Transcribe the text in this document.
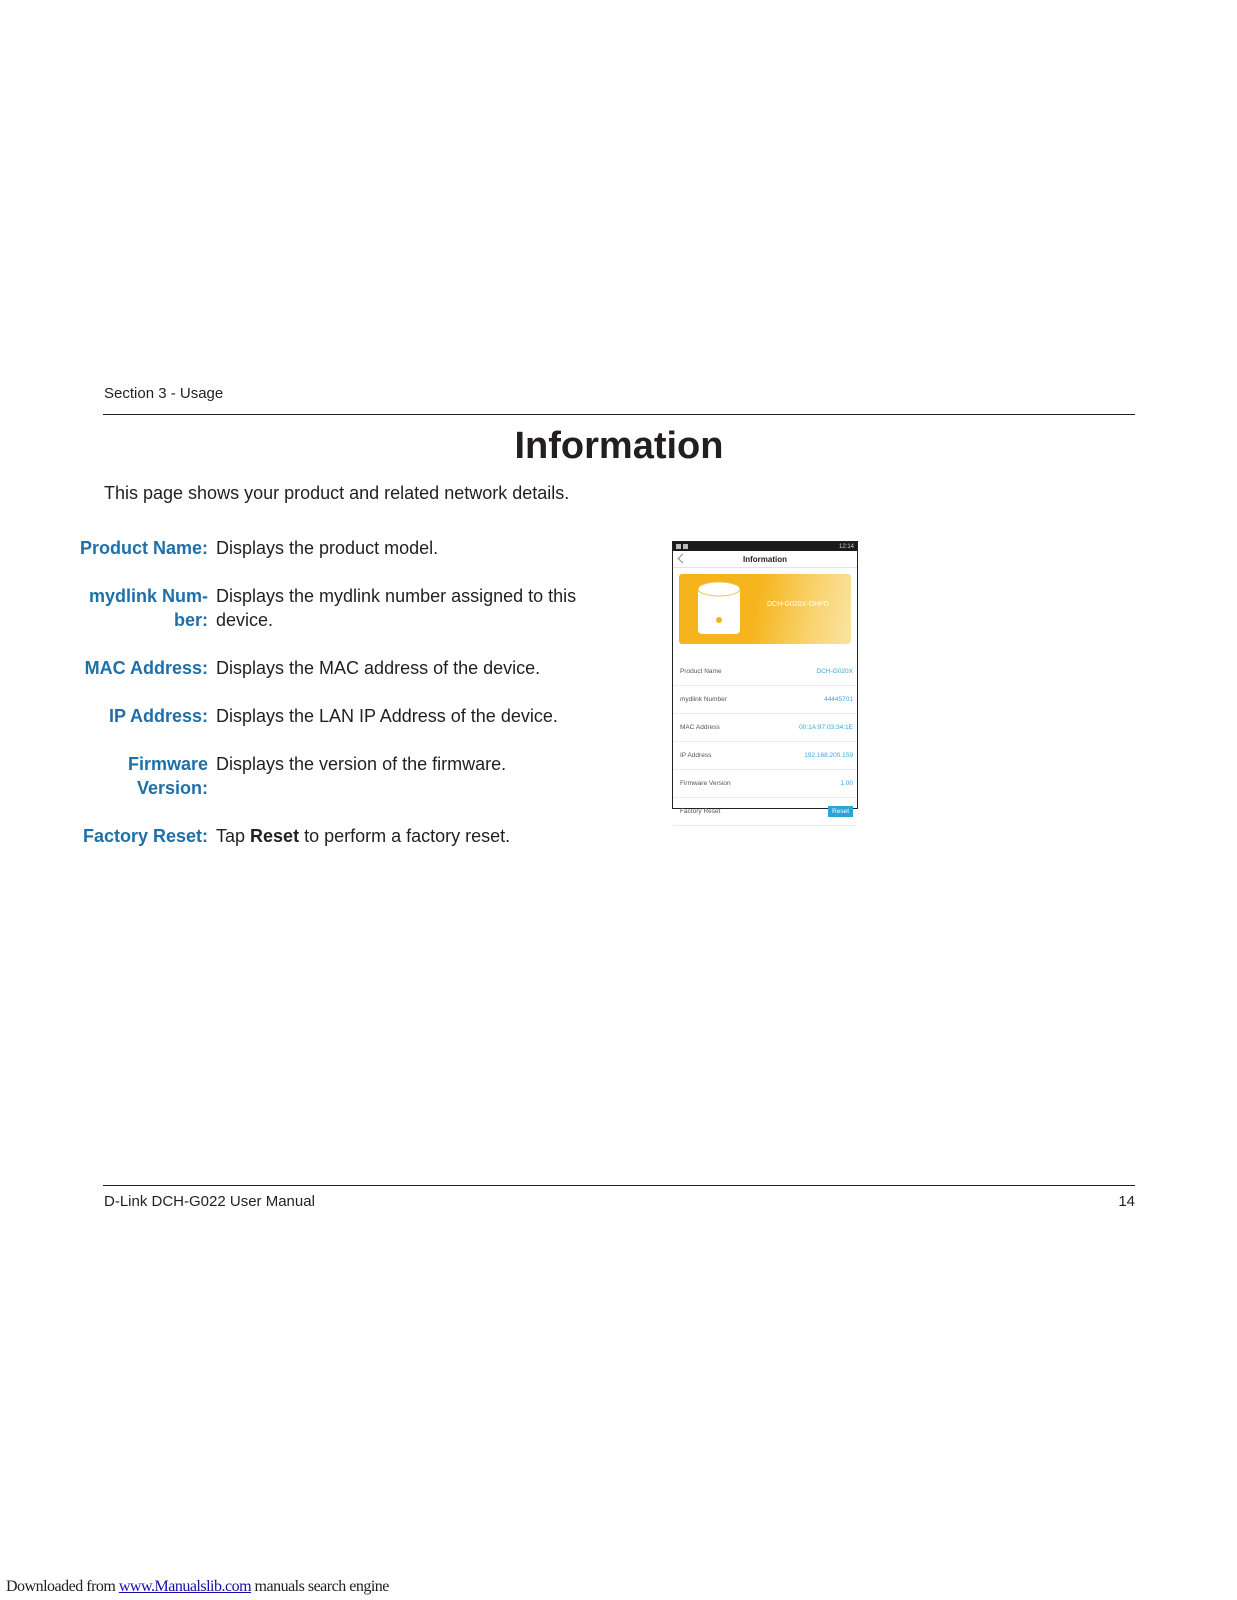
Section 3 - Usage
Information

This page shows your product and related network details.

Product Name: Displays the product model.
mydlink Num-
ber:
Displays the mydlink number assigned to this device.
MAC Address: Displays the MAC address of the device.
IP Address: Displays the LAN IP Address of the device.
Firmware
Version:
Displays the version of the firmware.
Factory Reset: Tap Reset to perform a factory reset.
12:14
Information
DCH-G020X-OHPD
Product Name	DCH-G020X
mydlink Number	44445701
MAC Address	00:1A:97:03:34:1E
IP Address	192.168.200.159
Firmware Version	1.00
Factory Reset	Reset
D-Link DCH-G022 User Manual	14
Downloaded from www.Manualslib.com manuals search engine
